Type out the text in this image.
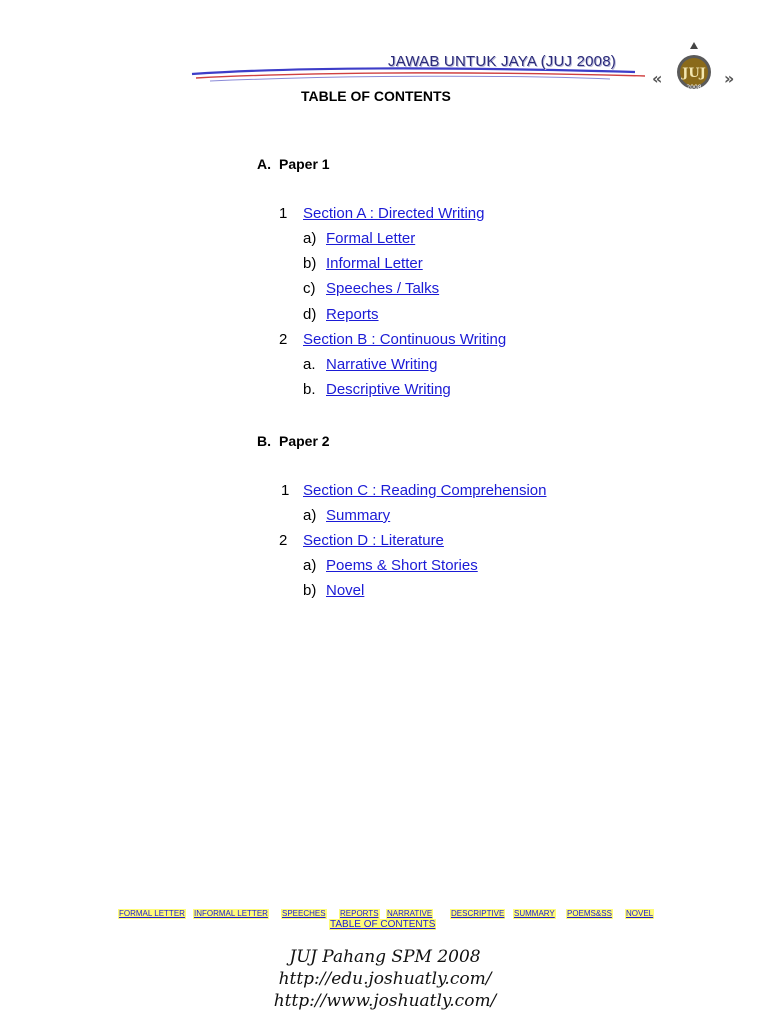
JAWAB UNTUK JAYA (JUJ 2008)
«	»
JUJ
2008
TABLE OF CONTENTS
A. Paper 1
1 Section A : Directed Writing
a) Formal Letter
b) Informal Letter
c) Speeches / Talks
d) Reports
2 Section B : Continuous Writing
a. Narrative Writing
b. Descriptive Writing
B. Paper 2
1 Section C : Reading Comprehension
a) Summary
2 Section D : Literature
a) Poems & Short Stories
b) Novel
FORMAL LETTER INFORMAL LETTER SPEECHES REPORTS NARRATIVE DESCRIPTIVE SUMMARY POEMS&SS NOVEL
TABLE OF CONTENTS
JUJ Pahang SPM 2008
http://edu.joshuatly.com/
http://www.joshuatly.com/
